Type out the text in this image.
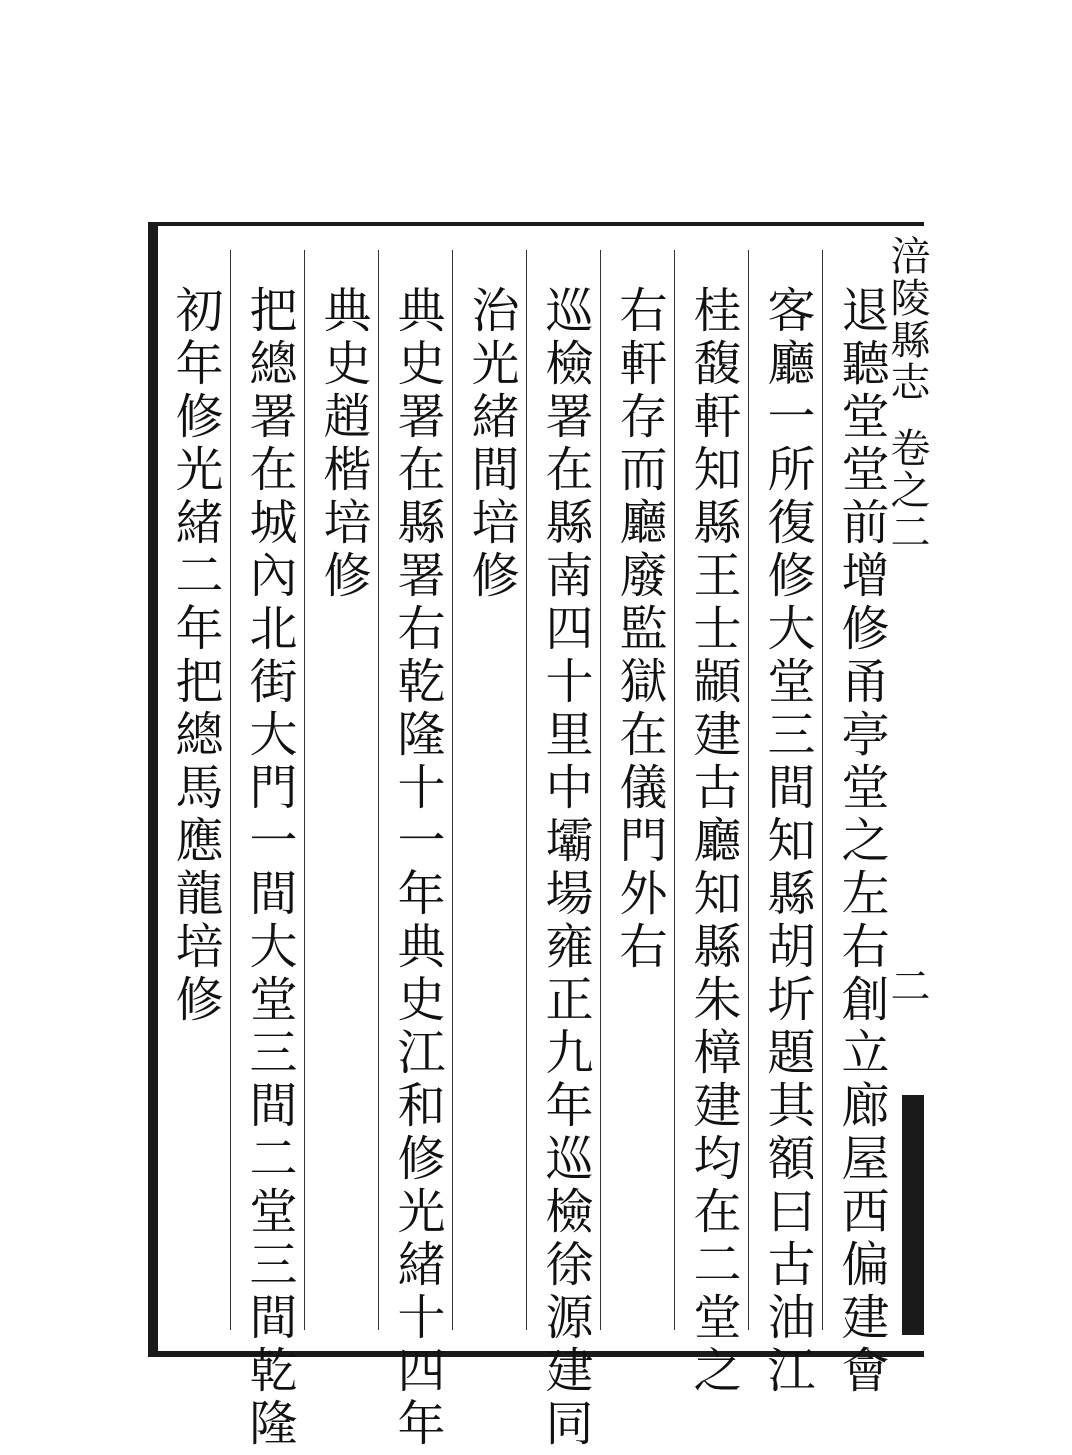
涪陵縣志卷之二
二
退聽堂堂前增修甬亭堂之左右創立廊屋西偏建會
客廳一所復修大堂三間知縣胡圻題其額曰古油江
桂馥軒知縣王士顓建古廳知縣朱樟建均在二堂之
右軒存而廳廢監獄在儀門外右
巡檢署在縣南四十里中壩場雍正九年巡檢徐源建同
治光緒間培修
典史署在縣署右乾隆十一年典史江和修光緒十四年
典史趙楷培修
把總署在城內北街大門一間大堂三間二堂三間乾隆
初年修光緒二年把總馬應龍培修
